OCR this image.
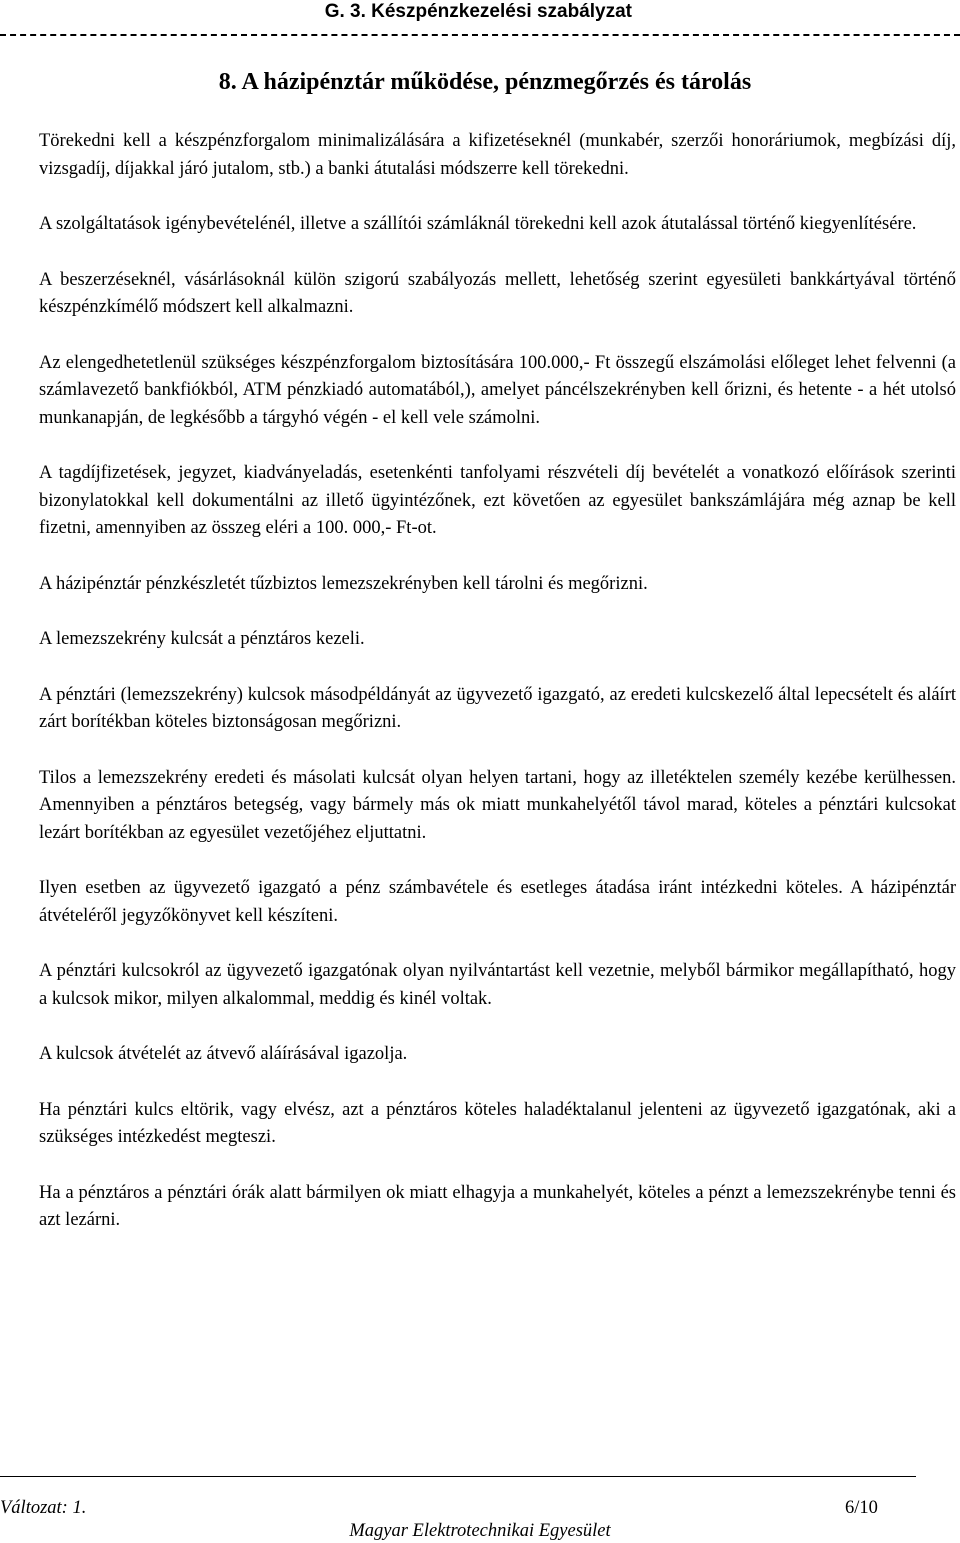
G. 3. Készpénzkezelési szabályzat
8. A házipénztár működése, pénzmegőrzés és tárolás

Törekedni kell a készpénzforgalom minimalizálására a kifizetéseknél (munkabér, szerzői honoráriumok, megbízási díj, vizsgadíj, díjakkal járó jutalom, stb.) a banki átutalási módszerre kell törekedni.

A szolgáltatások igénybevételénél, illetve a szállítói számláknál törekedni kell azok átutalással történő kiegyenlítésére.

A beszerzéseknél, vásárlásoknál külön szigorú szabályozás mellett, lehetőség szerint egyesületi bankkártyával történő készpénzkímélő módszert kell alkalmazni.

Az elengedhetetlenül szükséges készpénzforgalom biztosítására 100.000,- Ft összegű elszámolási előleget lehet felvenni (a számlavezető bankfiókból, ATM pénzkiadó automatából,), amelyet páncélszekrényben kell őrizni, és hetente - a hét utolsó munkanapján, de legkésőbb a tárgyhó végén - el kell vele számolni.

A tagdíjfizetések, jegyzet, kiadványeladás, esetenkénti tanfolyami részvételi díj bevételét a vonatkozó előírások szerinti bizonylatokkal kell dokumentálni az illető ügyintézőnek, ezt követően az egyesület bankszámlájára még aznap be kell fizetni, amennyiben az összeg eléri a 100. 000,- Ft-ot.

A házipénztár pénzkészletét tűzbiztos lemezszekrényben kell tárolni és megőrizni.

A lemezszekrény kulcsát a pénztáros kezeli.

A pénztári (lemezszekrény) kulcsok másodpéldányát az ügyvezető igazgató, az eredeti kulcskezelő által lepecsételt és aláírt zárt borítékban köteles biztonságosan megőrizni.

Tilos a lemezszekrény eredeti és másolati kulcsát olyan helyen tartani, hogy az illetéktelen személy kezébe kerülhessen. Amennyiben a pénztáros betegség, vagy bármely más ok miatt munkahelyétől távol marad, köteles a pénztári kulcsokat lezárt borítékban az egyesület vezetőjéhez eljuttatni.

Ilyen esetben az ügyvezető igazgató a pénz számbavétele és esetleges átadása iránt intézkedni köteles. A házipénztár átvételéről jegyzőkönyvet kell készíteni.

A pénztári kulcsokról az ügyvezető igazgatónak olyan nyilvántartást kell vezetnie, melyből bármikor megállapítható, hogy a kulcsok mikor, milyen alkalommal, meddig és kinél voltak.

A kulcsok átvételét az átvevő aláírásával igazolja.

Ha pénztári kulcs eltörik, vagy elvész, azt a pénztáros köteles haladéktalanul jelenteni az ügyvezető igazgatónak, aki a szükséges intézkedést megteszi.

Ha a pénztáros a pénztári órák alatt bármilyen ok miatt elhagyja a munkahelyét, köteles a pénzt a lemezszekrénybe tenni és azt lezárni.

Változat: 1.	6/10
Magyar Elektrotechnikai Egyesület
